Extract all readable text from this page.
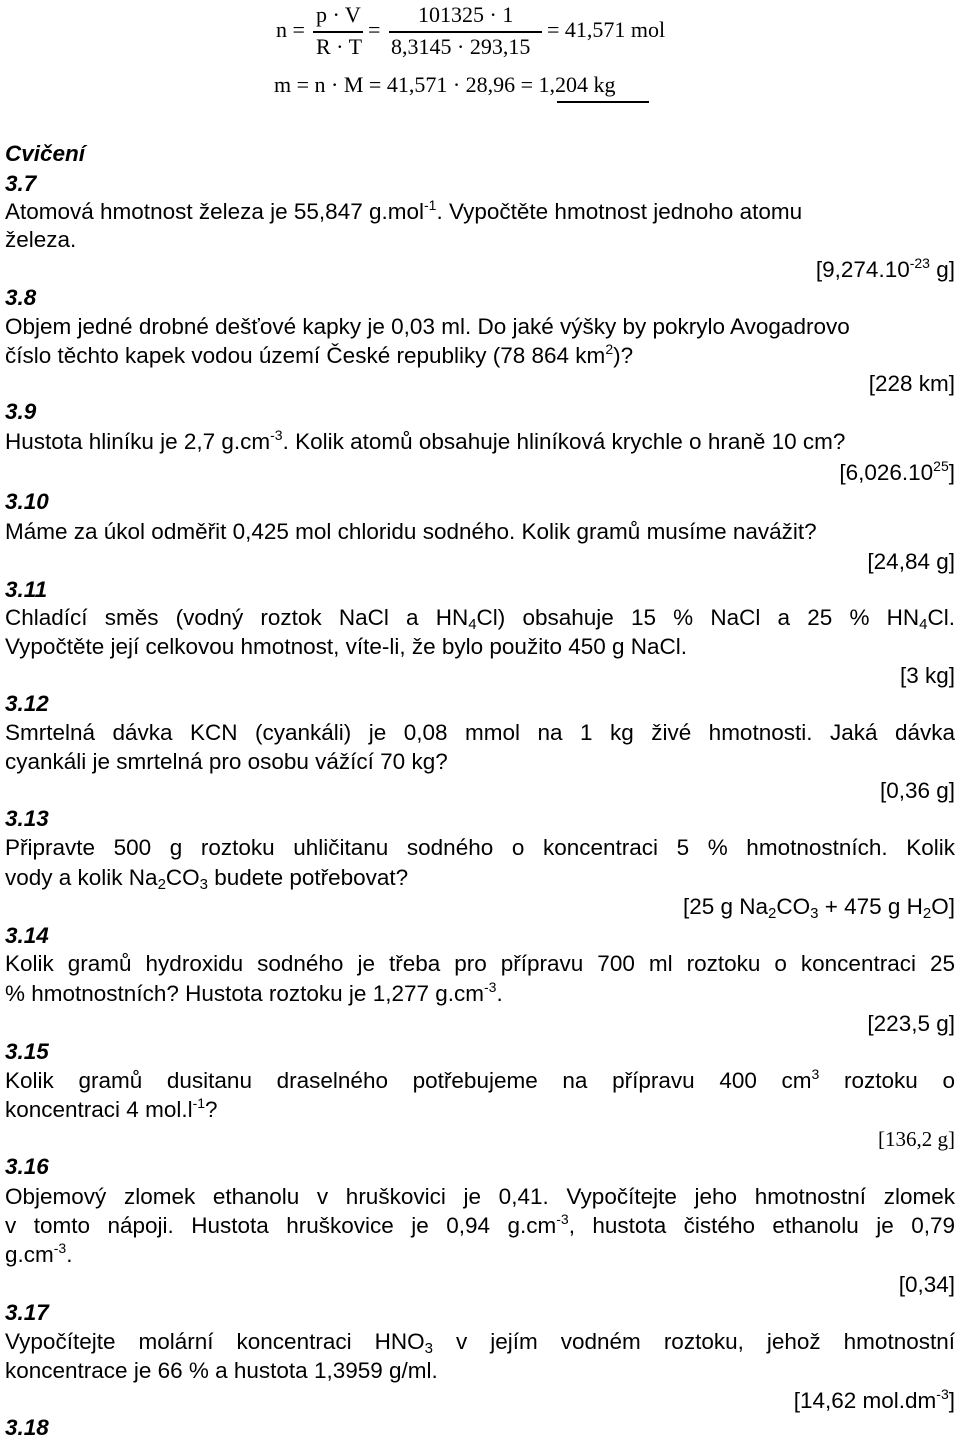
n =
p · V
R · T
=
101325 · 1
8,3145 · 293,15
= 41,571 mol
m = n · M = 41,571 · 28,96 = 1,204 kg
Cvičení
3.7
Atomová hmotnost železa je 55,847 g.mol$^{-1}$. Vypočtěte hmotnost jednoho atomu
železa.
[$9,274.10^{-23}$ g]
3.8
Objem jedné drobné dešťové kapky je 0,03 ml. Do jaké výšky by pokrylo Avogadrovo
číslo těchto kapek vodou území České republiky (78 864 $km^2$)?
[228 km]
3.9
Hustota hliníku je 2,7 $g.cm^{-3}$. Kolik atomů obsahuje hliníková krychle o hraně 10 cm?
[6,026.10$^{25}$]
3.10
Máme za úkol odměřit 0,425 mol chloridu sodného. Kolik gramů musíme navážit?
[24,84 g]
3.11
Chladící směs (vodný roztok NaCl a $HN_4Cl$) obsahuje 15 % NaCl a 25 % $HN_4Cl$.
Vypočtěte její celkovou hmotnost, víte-li, že bylo použito 450 g NaCl.
[3 kg]
3.12
Smrtelná dávka KCN (cyankáli) je 0,08 mmol na 1 kg živé hmotnosti. Jaká dávka
cyankáli je smrtelná pro osobu vážící 70 kg?
[0,36 g]
3.13
Připravte 500 g roztoku uhličitanu sodného o koncentraci 5 % hmotnostních. Kolik
vody a kolik $Na_2CO_3$ budete potřebovat?
[25 g $Na_2CO_3 + 475$ g $H_2O$]
3.14
Kolik gramů hydroxidu sodného je třeba pro přípravu 700 ml roztoku o koncentraci 25
% hmotnostních? Hustota roztoku je 1,277 $g.cm^{-3}$.
[223,5 g]
3.15
Kolik gramů dusitanu draselného potřebujeme na přípravu 400 $cm^3$ roztoku o
koncentraci 4 $mol.l^{-1}$?
[136,2 g]
3.16
Objemový zlomek ethanolu v hruškovici je 0,41. Vypočítejte jeho hmotnostní zlomek
v tomto nápoji. Hustota hruškovice je 0,94 $g.cm^{-3}$, hustota čistého ethanolu je 0,79
$g.cm^{-3}$.
[0,34]
3.17
Vypočítejte molární koncentraci $HNO_3$ v jejím vodném roztoku, jehož hmotnostní
koncentrace je 66 % a hustota 1,3959 g/ml.
[14,62 $mol.dm^{-3}$]
3.18
